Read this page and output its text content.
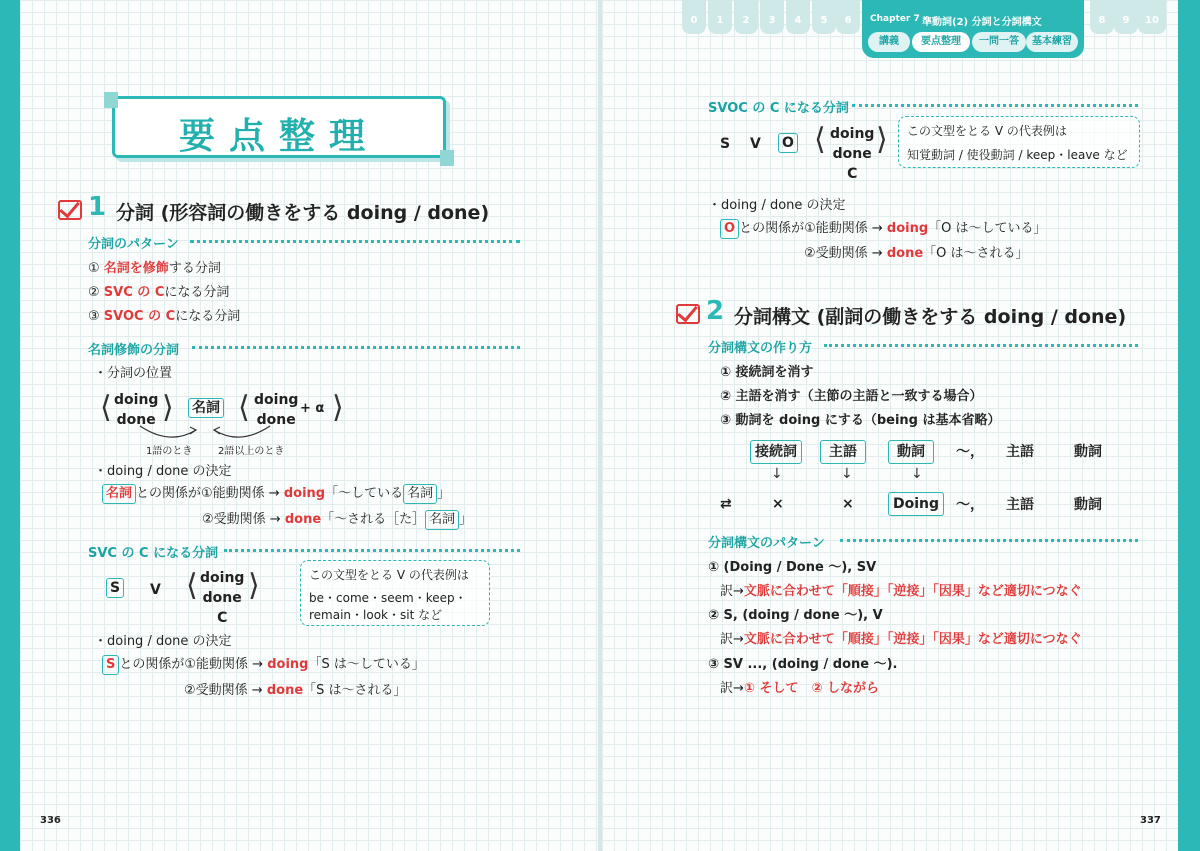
要点整理
1 分詞 (形容詞の働きをする doing / done)
分詞のパターン
① 名詞を修飾する分詞
② SVC の Cになる分詞
③ SVOC の Cになる分詞
名詞修飾の分詞
・分詞の位置
⟨ doing
done ⟩ 名詞 ⟨ doing
done
+ α ⟩
1語のとき	2語以上のとき
・doing / done の決定
名詞 との関係が①能動関係 → doing「～している 名詞 」
②受動関係 → done「～される［た］ 名詞 」
SVC の C になる分詞
S V ⟨ doing
done
C
⟩	この文型をとる V の代表例は
be・come・seem・keep・
remain・look・sit など
・doing / done の決定
S との関係が①能動関係 → doing「S は～している」
②受動関係 → done「S は～される」
336
0	1	2	3	4	5	6	Chapter 7 準動詞(2) 分詞と分詞構文
講義	要点整理	一問一答	基本練習
8	9	10
SVOC の C になる分詞
S V O ⟨ doing
done
C
⟩ この文型をとる V の代表例は
知覚動詞 / 使役動詞 / keep・leave など
・doing / done の決定
O との関係が①能動関係 → doing「O は～している」
②受動関係 → done「O は～される」
2 分詞構文 (副詞の働きをする doing / done)
分詞構文の作り方
① 接続詞を消す
② 主語を消す（主節の主語と一致する場合）
③ 動詞を doing にする（being は基本省略）
接続詞	主語	動詞	～， 主語	動詞
↓	↓	↓
⇄	×	×	Doing	～， 主語	動詞
分詞構文のパターン
① (Doing / Done ～), SV
訳→文脈に合わせて「順接」「逆接」「因果」など適切につなぐ
② S, (doing / done ～), V
訳→文脈に合わせて「順接」「逆接」「因果」など適切につなぐ
③ SV ..., (doing / done ～).
訳→① そして　② しながら
337
